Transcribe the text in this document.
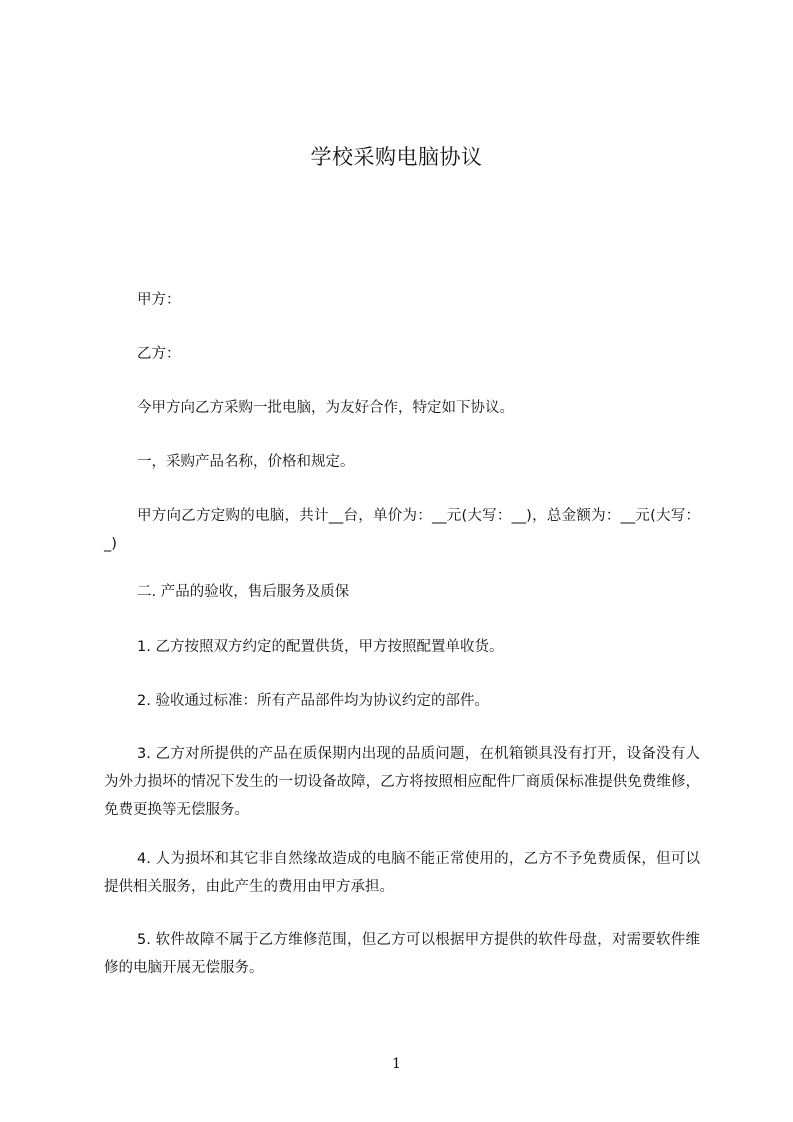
学校采购电脑协议

甲方：

乙方：

今甲方向乙方采购一批电脑，为友好合作，特定如下协议。

一，采购产品名称，价格和规定。

甲方向乙方定购的电脑，共计__台，单价为：__元(大写：__)，总金额为：__元(大写：_)

二. 产品的验收，售后服务及质保

1. 乙方按照双方约定的配置供货，甲方按照配置单收货。

2. 验收通过标准：所有产品部件均为协议约定的部件。

3. 乙方对所提供的产品在质保期内出现的品质问题，在机箱锁具没有打开，设备没有人为外力损坏的情况下发生的一切设备故障，乙方将按照相应配件厂商质保标准提供免费维修，免费更换等无偿服务。

4. 人为损坏和其它非自然缘故造成的电脑不能正常使用的，乙方不予免费质保，但可以提供相关服务，由此产生的费用由甲方承担。

5. 软件故障不属于乙方维修范围，但乙方可以根据甲方提供的软件母盘，对需要软件维修的电脑开展无偿服务。

1
